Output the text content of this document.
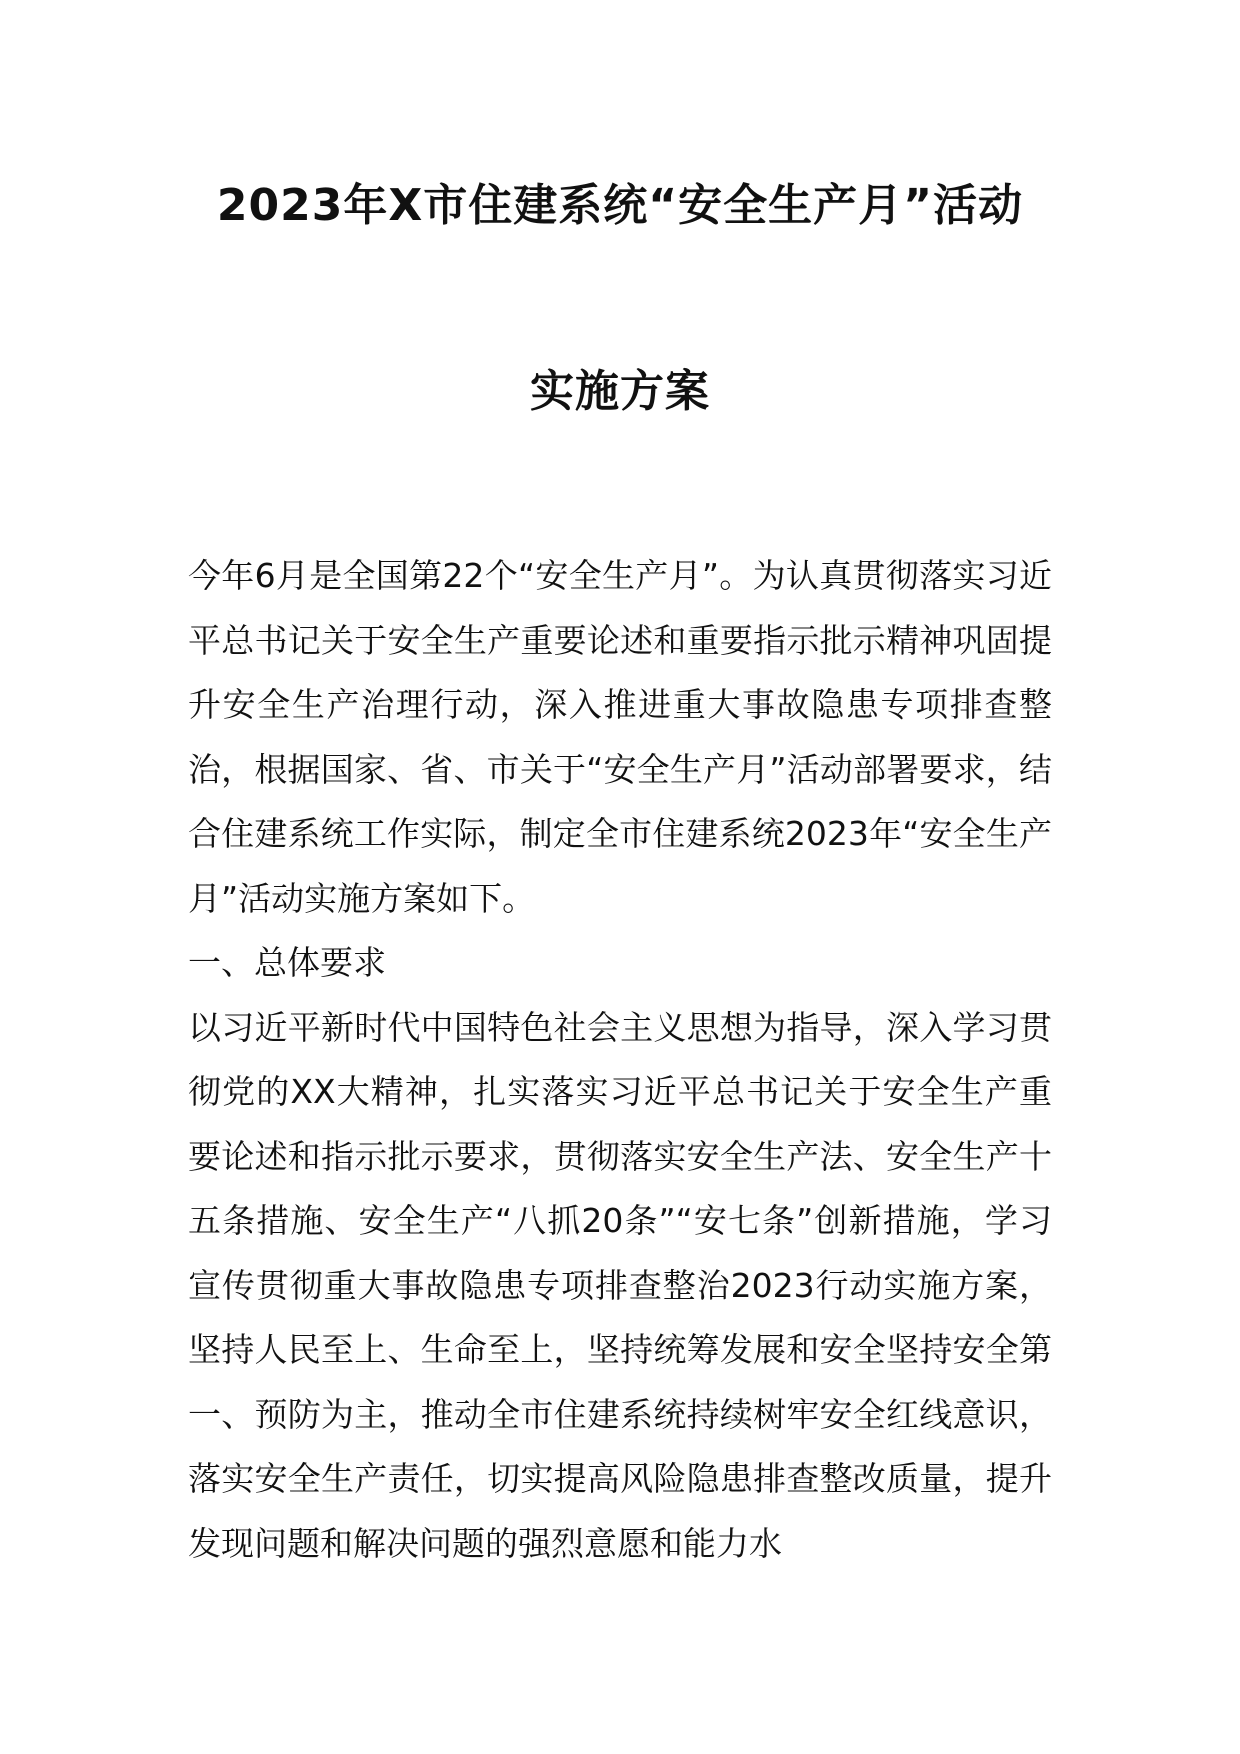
2023年X市住建系统“安全生产月”活动
实施方案

今年6月是全国第22个“安全生产月”。为认真贯彻落实习近平总书记关于安全生产重要论述和重要指示批示精神巩固提升安全生产治理行动，深入推进重大事故隐患专项排查整治，根据国家、省、市关于“安全生产月”活动部署要求，结合住建系统工作实际，制定全市住建系统2023年“安全生产月”活动实施方案如下。

一、总体要求

以习近平新时代中国特色社会主义思想为指导，深入学习贯彻党的XX大精神，扎实落实习近平总书记关于安全生产重要论述和指示批示要求，贯彻落实安全生产法、安全生产十五条措施、安全生产“八抓20条”“安七条”创新措施，学习宣传贯彻重大事故隐患专项排查整治2023行动实施方案，坚持人民至上、生命至上，坚持统筹发展和安全坚持安全第一、预防为主，推动全市住建系统持续树牢安全红线意识，落实安全生产责任，切实提高风险隐患排查整改质量，提升发现问题和解决问题的强烈意愿和能力水
